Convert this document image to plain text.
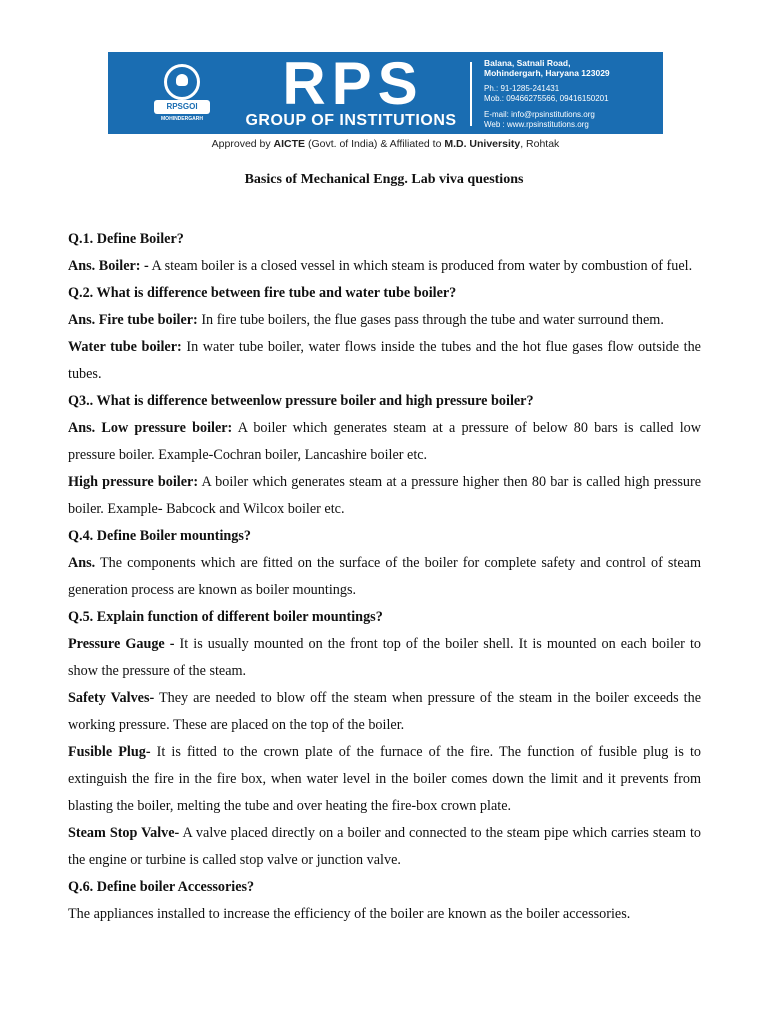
RPSGOI
MOHINDERGARH
RPS
GROUP OF INSTITUTIONS
Balana, Satnali Road,
Mohindergarh, Haryana 123029
Ph.: 91-1285-241431
Mob.: 09466275566, 09416150201
E-mail: info@rpsinstitutions.org
Web : www.rpsinstitutions.org
Approved by AICTE (Govt. of India) & Affiliated to M.D. University, Rohtak
Basics of Mechanical Engg. Lab viva questions

Q.1. Define Boiler?

Ans. Boiler: - A steam boiler is a closed vessel in which steam is produced from water by combustion of fuel.

Q.2. What is difference between fire tube and water tube boiler?

Ans. Fire tube boiler: In fire tube boilers, the flue gases pass through the tube and water surround them.

Water tube boiler: In water tube boiler, water flows inside the tubes and the hot flue gases flow outside the tubes.

Q3.. What is difference betweenlow pressure boiler and high pressure boiler?

Ans. Low pressure boiler: A boiler which generates steam at a pressure of below 80 bars is called low pressure boiler. Example-Cochran boiler, Lancashire boiler etc.

High pressure boiler: A boiler which generates steam at a pressure higher then 80 bar is called high pressure boiler. Example- Babcock and Wilcox boiler etc.

Q.4. Define Boiler mountings?

Ans. The components which are fitted on the surface of the boiler for complete safety and control of steam generation process are known as boiler mountings.

Q.5. Explain function of different boiler mountings?

Pressure Gauge - It is usually mounted on the front top of the boiler shell. It is mounted on each boiler to show the pressure of the steam.

Safety Valves- They are needed to blow off the steam when pressure of the steam in the boiler exceeds the working pressure. These are placed on the top of the boiler.

Fusible Plug- It is fitted to the crown plate of the furnace of the fire. The function of fusible plug is to extinguish the fire in the fire box, when water level in the boiler comes down the limit and it prevents from blasting the boiler, melting the tube and over heating the fire-box crown plate.

Steam Stop Valve- A valve placed directly on a boiler and connected to the steam pipe which carries steam to the engine or turbine is called stop valve or junction valve.

Q.6. Define boiler Accessories?

The appliances installed to increase the efficiency of the boiler are known as the boiler accessories.
